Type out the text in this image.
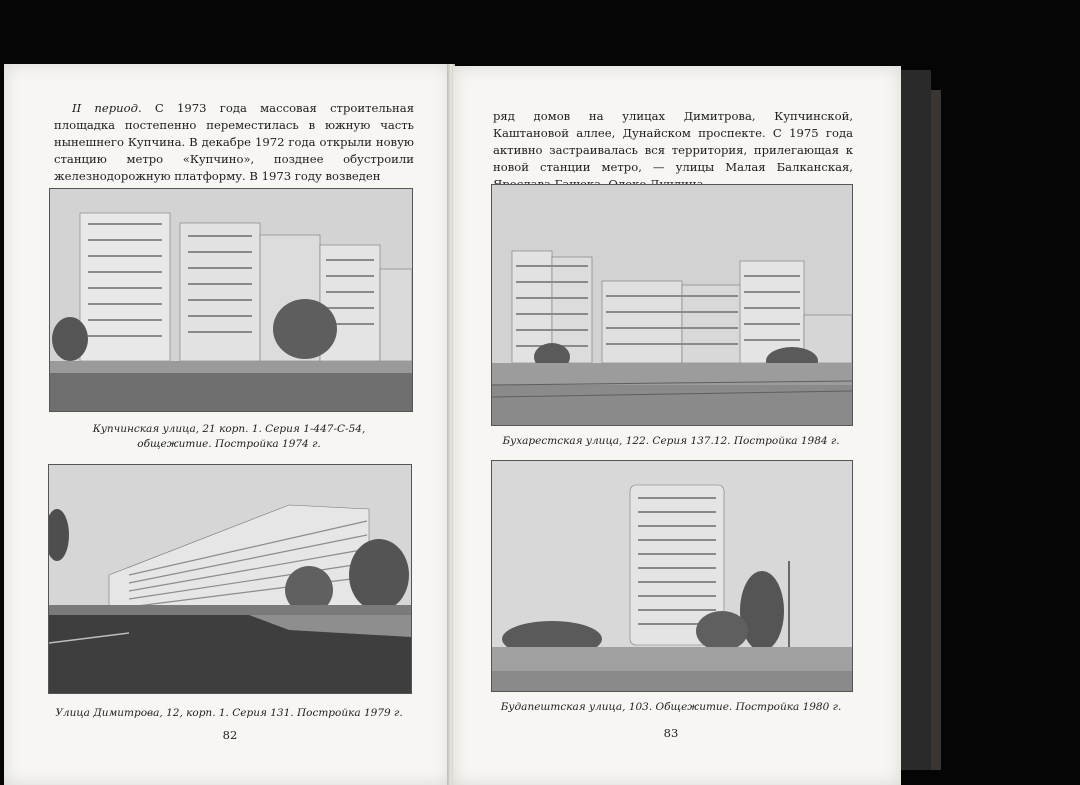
II период. С 1973 года массовая строительная площадка постепенно переместилась в южную часть нынешнего Купчина. В декабре 1972 года открыли новую станцию метро «Купчино», позднее обустроили железнодорожную платформу. В 1973 году возведен

Купчинская улица, 21 корп. 1. Серия 1-447-С-54, общежитие. Постройка 1974 г.
Улица Димитрова, 12, корп. 1. Серия 131. Постройка 1979 г.
82

ряд домов на улицах Димитрова, Купчинской, Каштановой аллее, Дунайском проспекте. С 1975 года активно застраивалась вся территория, прилегающая к новой станции метро, — улицы Малая Балканская,

Бухарестская улица, 122. Серия 137.12. Постройка 1984 г.
Будапештская улица, 103. Общежитие. Постройка 1980 г.
83
